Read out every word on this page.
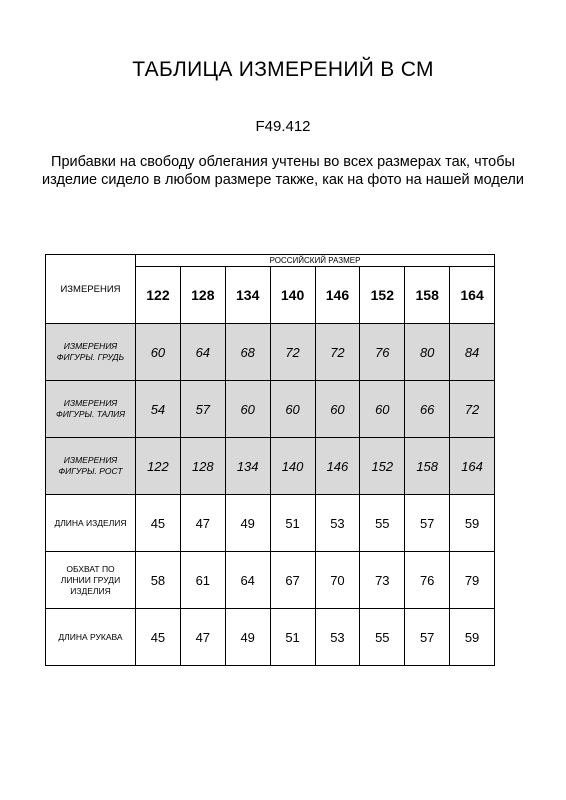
ТАБЛИЦА ИЗМЕРЕНИЙ В СМ
F49.412
Прибавки на свободу облегания учтены во всех размерах так, чтобы изделие сидело в любом размере также, как на фото на нашей модели
ИЗМЕРЕНИЯ	РОССИЙСКИЙ РАЗМЕР							
	122	128	134	140	146	152	158	164

ИЗМЕРЕНИЯ
ФИГУРЫ. ГРУДЬ	60	64	68	72	72	76	80	84

ИЗМЕРЕНИЯ
ФИГУРЫ. ТАЛИЯ	54	57	60	60	60	60	66	72

ИЗМЕРЕНИЯ
ФИГУРЫ. РОСТ	122	128	134	140	146	152	158	164

ДЛИНА ИЗДЕЛИЯ	45	47	49	51	53	55	57	59

ОБХВАТ ПО
ЛИНИИ ГРУДИ
ИЗДЕЛИЯ	58	61	64	67	70	73	76	79

ДЛИНА РУКАВА	45	47	49	51	53	55	57	59
